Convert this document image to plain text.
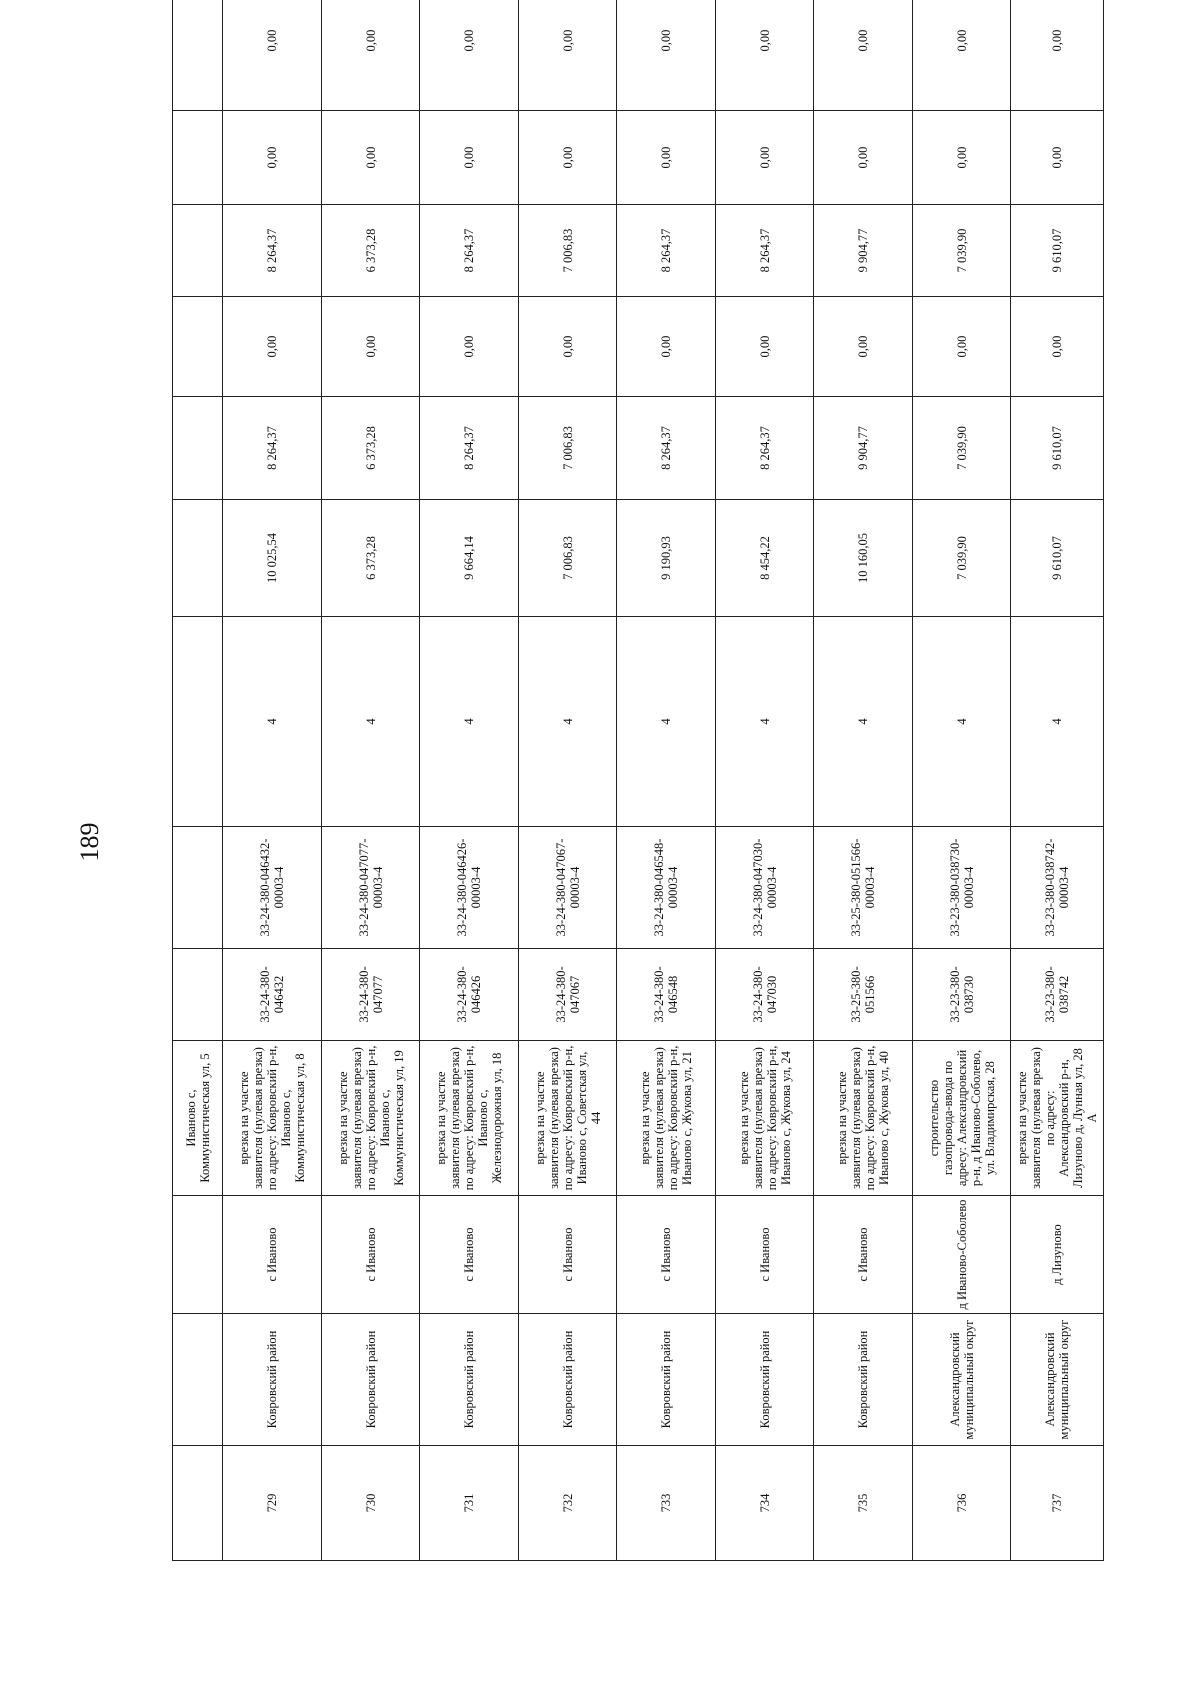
189
			Иваново с, Коммунистическая ул, 5									
729	Ковровский район	с Иваново	врезка на участке заявителя (нулевая врезка) по адресу: Ковровский р-н, Иваново с, Коммунистическая ул, 8	33-24-380-046432	33-24-380-046432-00003-4	4	10 025,54	8 264,37	0,00	8 264,37	0,00	0,00
730	Ковровский район	с Иваново	врезка на участке заявителя (нулевая врезка) по адресу: Ковровский р-н, Иваново с, Коммунистическая ул, 19	33-24-380-047077	33-24-380-047077-00003-4	4	6 373,28	6 373,28	0,00	6 373,28	0,00	0,00
731	Ковровский район	с Иваново	врезка на участке заявителя (нулевая врезка) по адресу: Ковровский р-н, Иваново с, Железнодорожная ул, 18	33-24-380-046426	33-24-380-046426-00003-4	4	9 664,14	8 264,37	0,00	8 264,37	0,00	0,00
732	Ковровский район	с Иваново	врезка на участке заявителя (нулевая врезка) по адресу: Ковровский р-н, Иваново с, Советская ул, 44	33-24-380-047067	33-24-380-047067-00003-4	4	7 006,83	7 006,83	0,00	7 006,83	0,00	0,00
733	Ковровский район	с Иваново	врезка на участке заявителя (нулевая врезка) по адресу: Ковровский р-н, Иваново с, Жукова ул, 21	33-24-380-046548	33-24-380-046548-00003-4	4	9 190,93	8 264,37	0,00	8 264,37	0,00	0,00
734	Ковровский район	с Иваново	врезка на участке заявителя (нулевая врезка) по адресу: Ковровский р-н, Иваново с, Жукова ул, 24	33-24-380-047030	33-24-380-047030-00003-4	4	8 454,22	8 264,37	0,00	8 264,37	0,00	0,00
735	Ковровский район	с Иваново	врезка на участке заявителя (нулевая врезка) по адресу: Ковровский р-н, Иваново с, Жукова ул, 40	33-25-380-051566	33-25-380-051566-00003-4	4	10 160,05	9 904,77	0,00	9 904,77	0,00	0,00
736	Александровский муниципальный округ	д Иваново-Соболево	строительство газопровода-ввода по адресу: Александровский р-н, д Иваново-Соболево, ул. Владимирская, 28	33-23-380-038730	33-23-380-038730-00003-4	4	7 039,90	7 039,90	0,00	7 039,90	0,00	0,00
737	Александровский муниципальный округ	д Лизуново	врезка на участке заявителя (нулевая врезка) по адресу: Александровский р-н, Лизуново д, Лунная ул, 28 А	33-23-380-038742	33-23-380-038742-00003-4	4	9 610,07	9 610,07	0,00	9 610,07	0,00	0,00
